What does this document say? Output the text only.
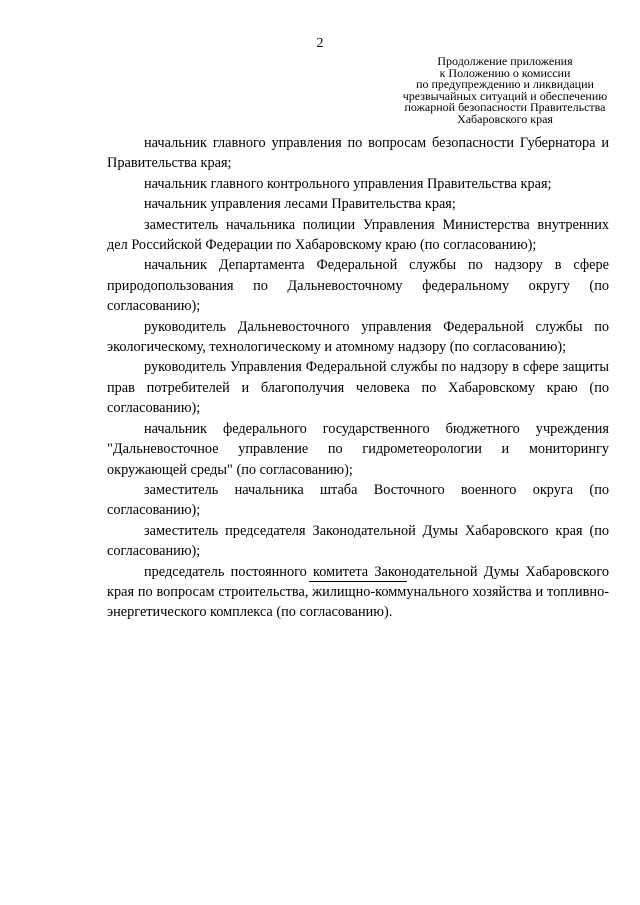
2
Продолжение приложения
к Положению о комиссии
по предупреждению и ликвидации
чрезвычайных ситуаций и обеспечению
пожарной безопасности Правительства
Хабаровского края

начальник главного управления по вопросам безопасности Губернатора и Правительства края;

начальник главного контрольного управления Правительства края;

начальник управления лесами Правительства края;

заместитель начальника полиции Управления Министерства внутренних дел Российской Федерации по Хабаровскому краю (по согласованию);

начальник Департамента Федеральной службы по надзору в сфере природопользования по Дальневосточному федеральному округу (по согласованию);

руководитель Дальневосточного управления Федеральной службы по экологическому, технологическому и атомному надзору (по согласованию);

руководитель Управления Федеральной службы по надзору в сфере защиты прав потребителей и благополучия человека по Хабаровскому краю (по согласованию);

начальник федерального государственного бюджетного учреждения "Дальневосточное управление по гидрометеорологии и мониторингу окружающей среды" (по согласованию);

заместитель начальника штаба Восточного военного округа (по согласованию);

заместитель председателя Законодательной Думы Хабаровского края (по согласованию);

председатель постоянного комитета Законодательной Думы Хабаровского края по вопросам строительства, жилищно-коммунального хозяйства и топливно-энергетического комплекса (по согласованию).
